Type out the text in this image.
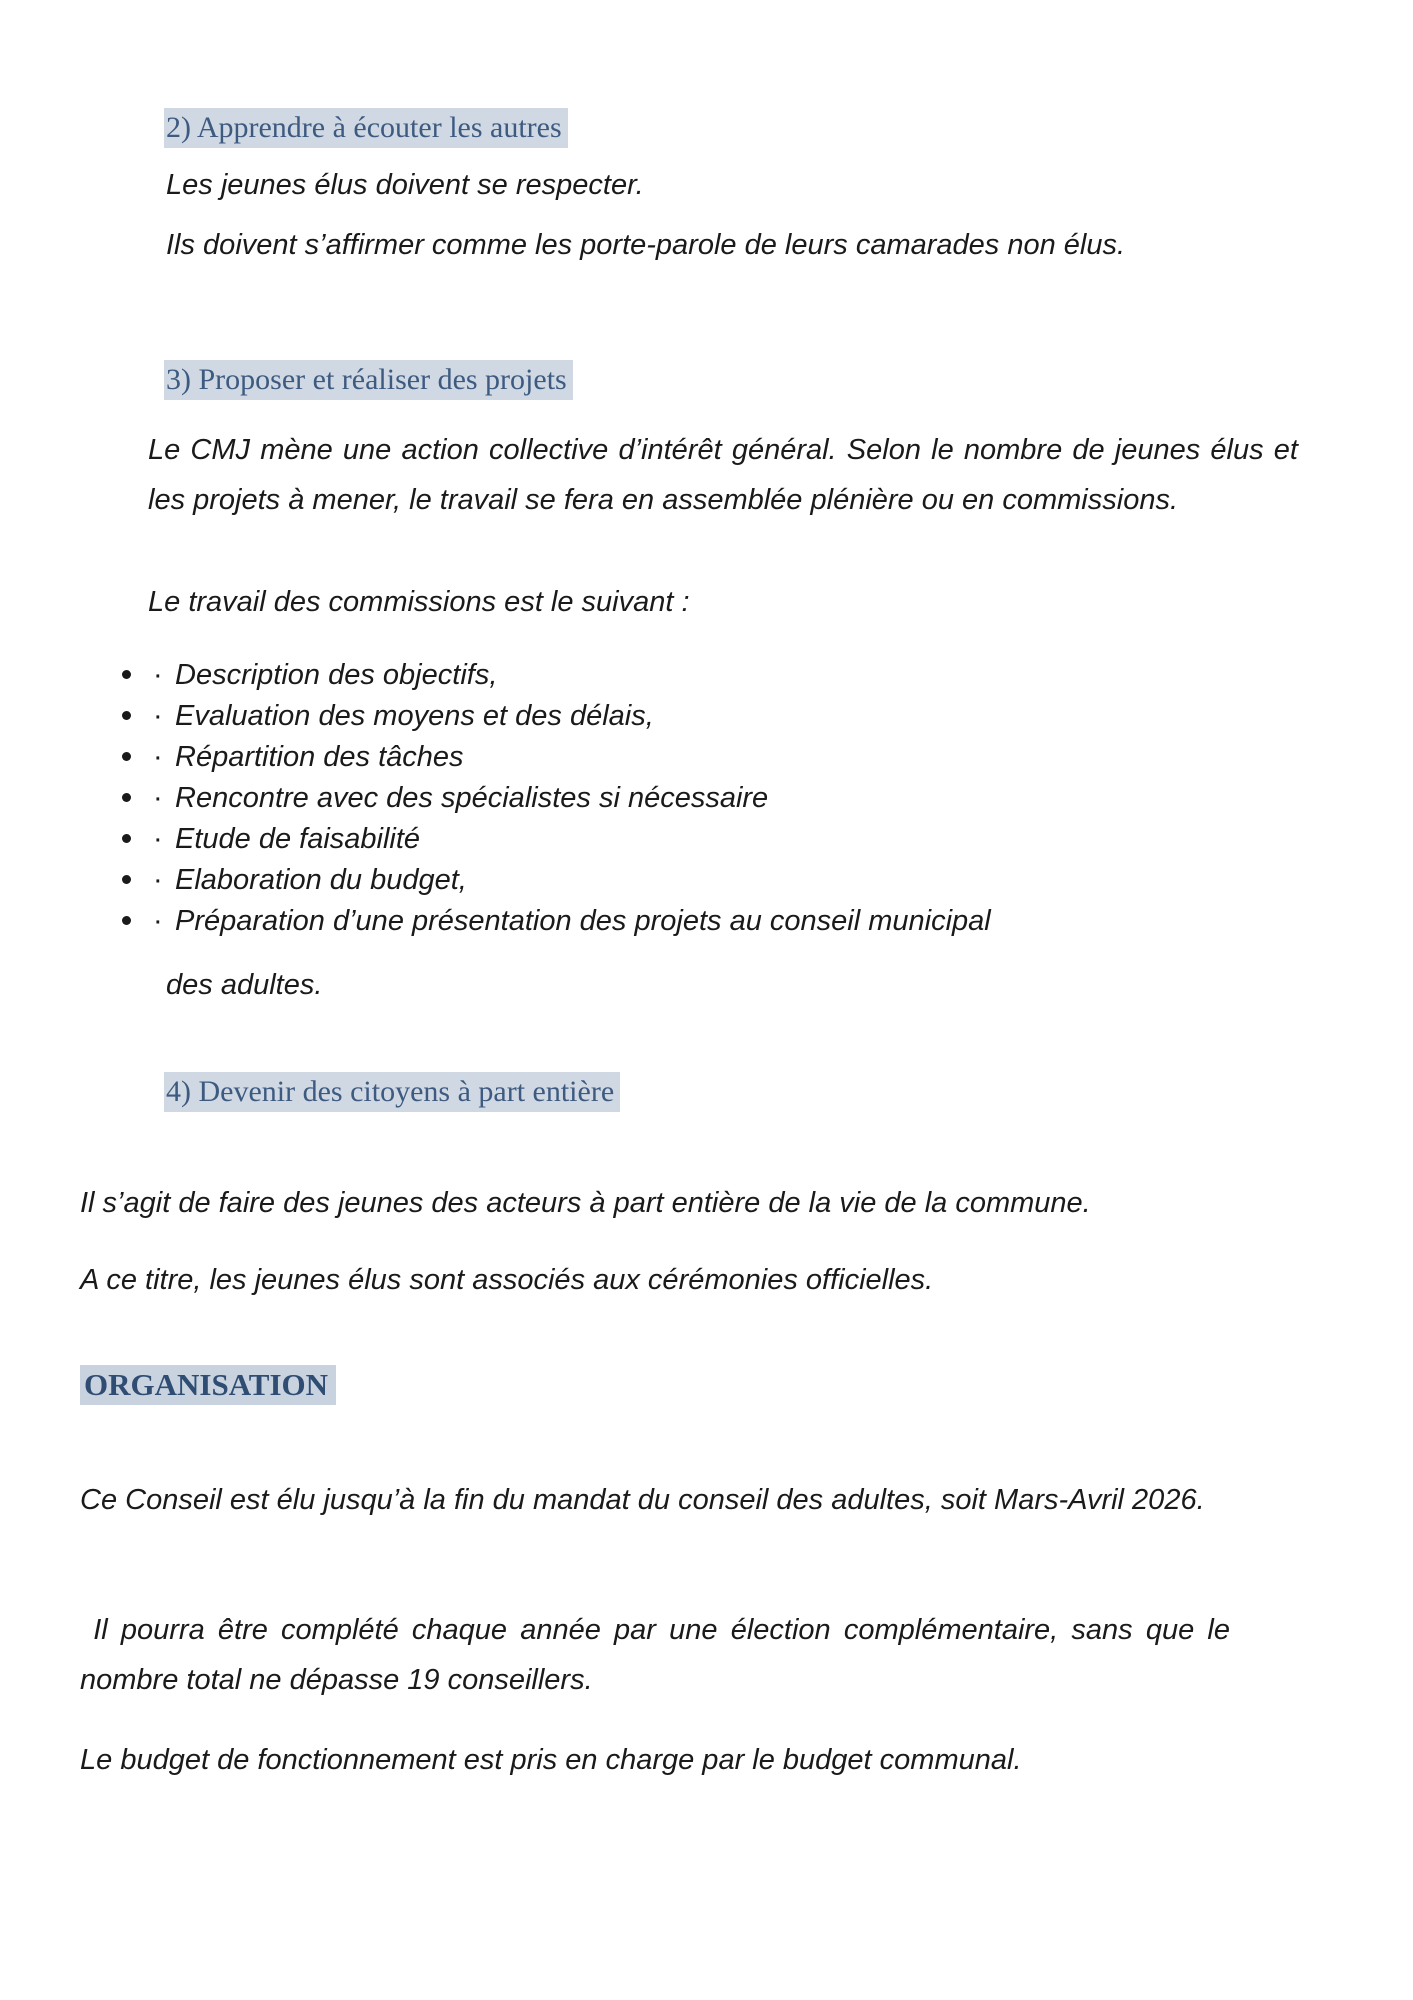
2) Apprendre à écouter les autres
Les jeunes élus doivent se respecter.
Ils doivent s’affirmer comme les porte-parole de leurs camarades non élus.
3) Proposer et réaliser des projets
Le CMJ mène une action collective d’intérêt général. Selon le nombre de jeunes élus et les projets à mener, le travail se fera en assemblée plénière ou en commissions.
Le travail des commissions est le suivant :
· Description des objectifs,
· Evaluation des moyens et des délais,
· Répartition des tâches
· Rencontre avec des spécialistes si nécessaire
· Etude de faisabilité
· Elaboration du budget,
· Préparation d’une présentation des projets au conseil municipal
des adultes.
4) Devenir des citoyens à part entière
Il s’agit de faire des jeunes des acteurs à part entière de la vie de la commune.
A ce titre, les jeunes élus sont associés aux cérémonies officielles.
ORGANISATION
Ce Conseil est élu jusqu’à la fin du mandat du conseil des adultes, soit Mars-Avril 2026.
Il pourra être complété chaque année par une élection complémentaire, sans que le nombre total ne dépasse 19 conseillers.
Le budget de fonctionnement est pris en charge par le budget communal.
